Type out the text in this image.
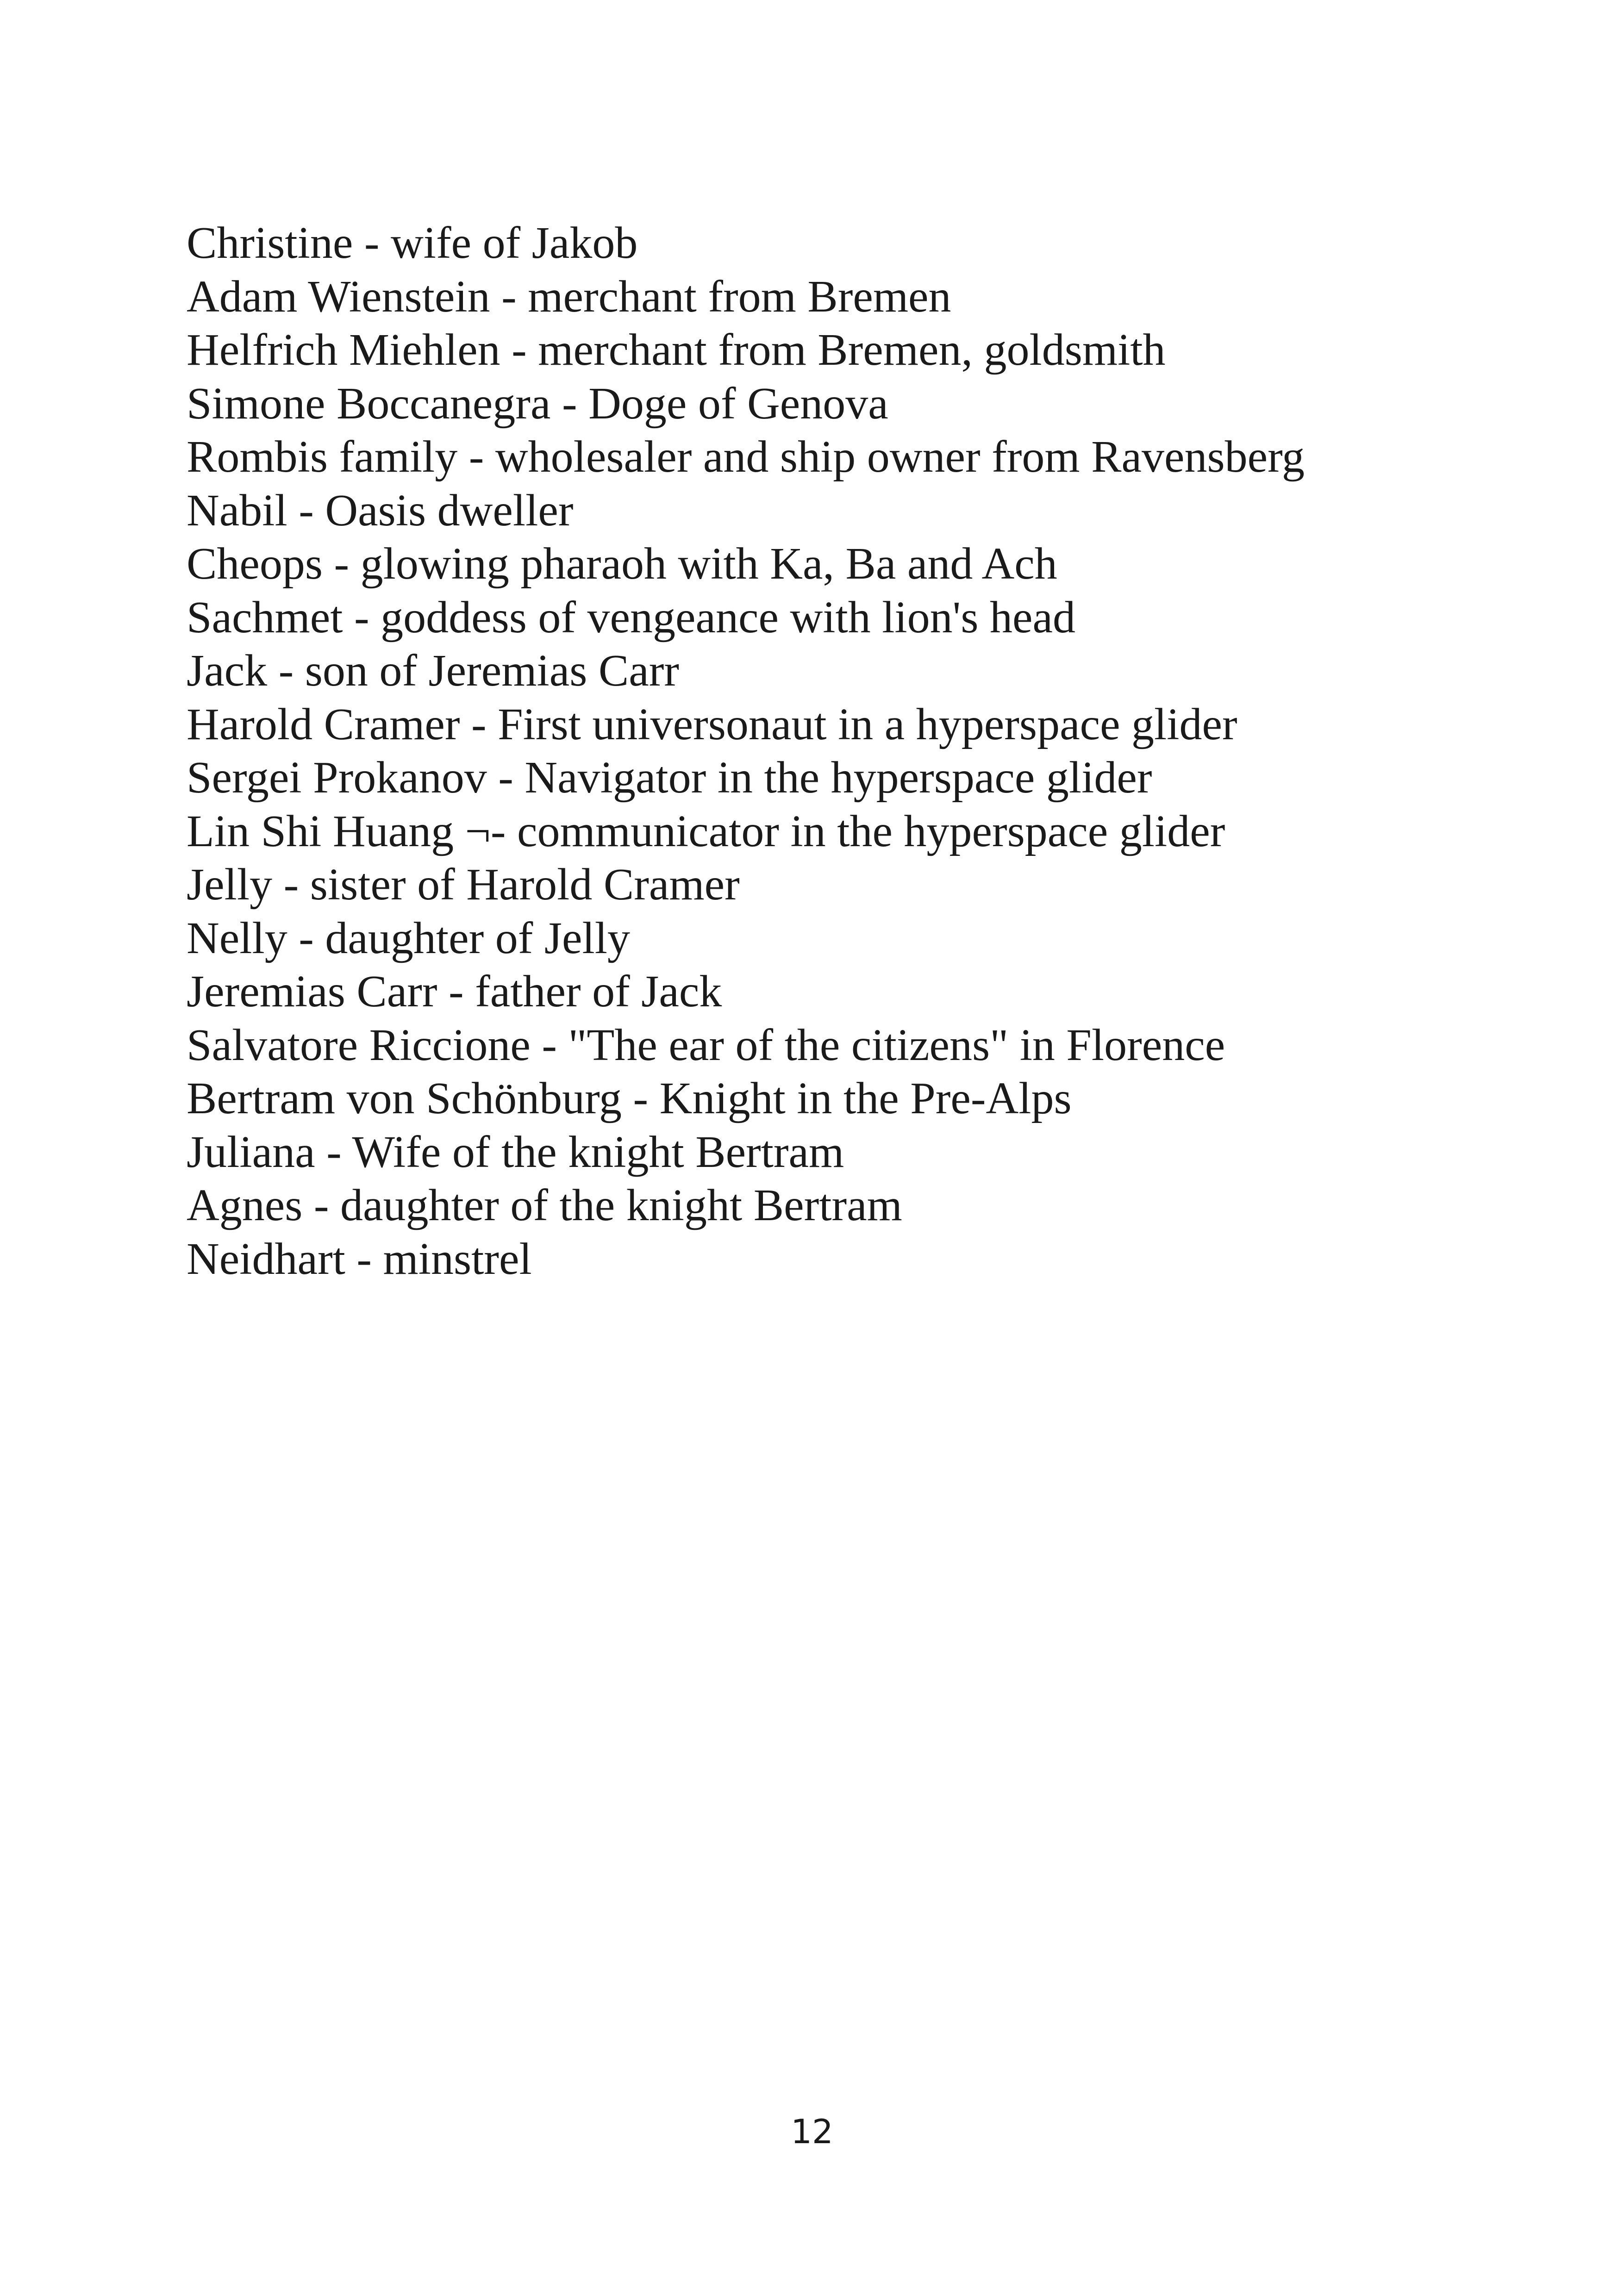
Christine - wife of Jakob
Adam Wienstein - merchant from Bremen
Helfrich Miehlen - merchant from Bremen, goldsmith
Simone Boccanegra - Doge of Genova
Rombis family - wholesaler and ship owner from Ravensberg
Nabil - Oasis dweller
Cheops - glowing pharaoh with Ka, Ba and Ach
Sachmet - goddess of vengeance with lion's head
Jack - son of Jeremias Carr
Harold Cramer - First universonaut in a hyperspace glider
Sergei Prokanov - Navigator in the hyperspace glider
Lin Shi Huang ¬- communicator in the hyperspace glider
Jelly - sister of Harold Cramer
Nelly - daughter of Jelly
Jeremias Carr - father of Jack
Salvatore Riccione - "The ear of the citizens" in Florence
Bertram von Schönburg - Knight in the Pre-Alps
Juliana - Wife of the knight Bertram
Agnes - daughter of the knight Bertram
Neidhart - minstrel
12
